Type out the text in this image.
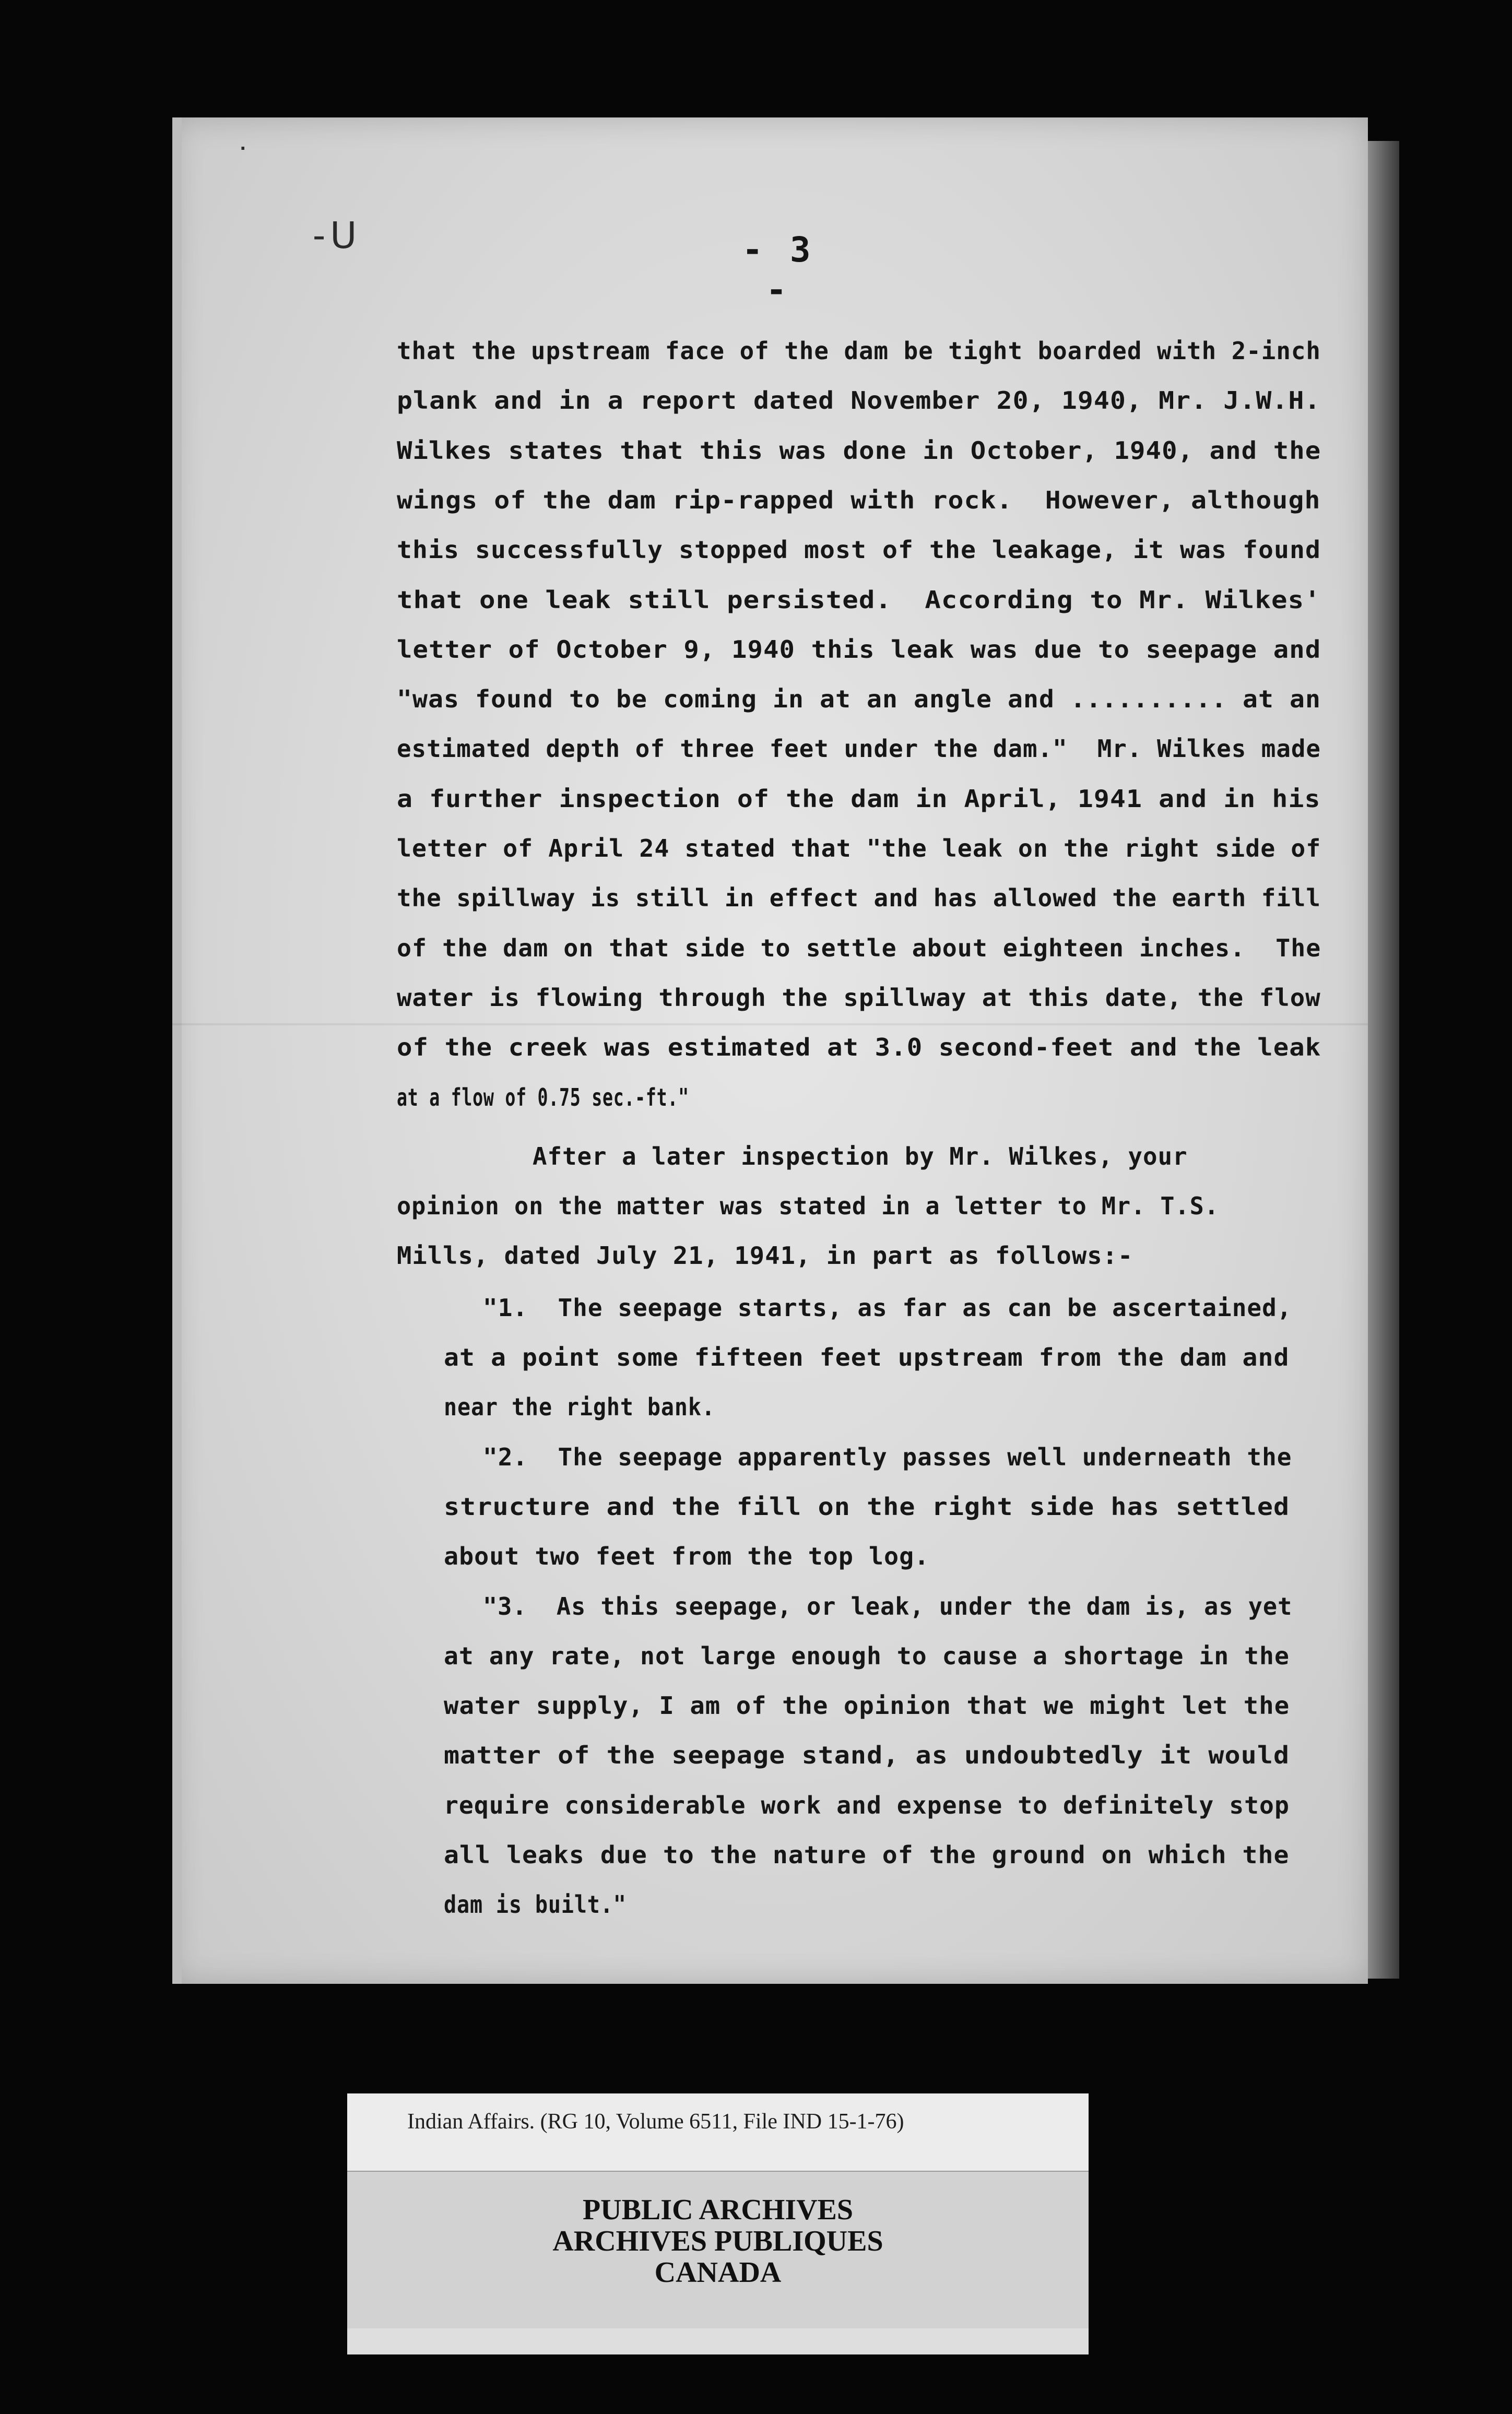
·
-ᑌ	- 3 -
that the upstream face of the dam be tight boarded with 2-inch
plank and in a report dated November 20, 1940, Mr. J.W.H.
Wilkes states that this was done in October, 1940, and the
wings of the dam rip-rapped with rock.  However, although
this successfully stopped most of the leakage, it was found
that one leak still persisted.  According to Mr. Wilkes'
letter of October 9, 1940 this leak was due to seepage and
"was found to be coming in at an angle and .......... at an
estimated depth of three feet under the dam."  Mr. Wilkes made
a further inspection of the dam in April, 1941 and in his
letter of April 24 stated that "the leak on the right side of
the spillway is still in effect and has allowed the earth fill
of the dam on that side to settle about eighteen inches.  The
water is flowing through the spillway at this date, the flow
of the creek was estimated at 3.0 second-feet and the leak
at a flow of 0.75 sec.-ft."
After a later inspection by Mr. Wilkes, your
opinion on the matter was stated in a letter to Mr. T.S.
Mills, dated July 21, 1941, in part as follows:-
"1.  The seepage starts, as far as can be ascertained,
at a point some fifteen feet upstream from the dam and
near the right bank.
"2.  The seepage apparently passes well underneath the
structure and the fill on the right side has settled
about two feet from the top log.
"3.  As this seepage, or leak, under the dam is, as yet
at any rate, not large enough to cause a shortage in the
water supply, I am of the opinion that we might let the
matter of the seepage stand, as undoubtedly it would
require considerable work and expense to definitely stop
all leaks due to the nature of the ground on which the
dam is built."
Indian Affairs. (RG 10, Volume 6511, File IND 15-1-76)
PUBLIC ARCHIVES
ARCHIVES PUBLIQUES
CANADA
